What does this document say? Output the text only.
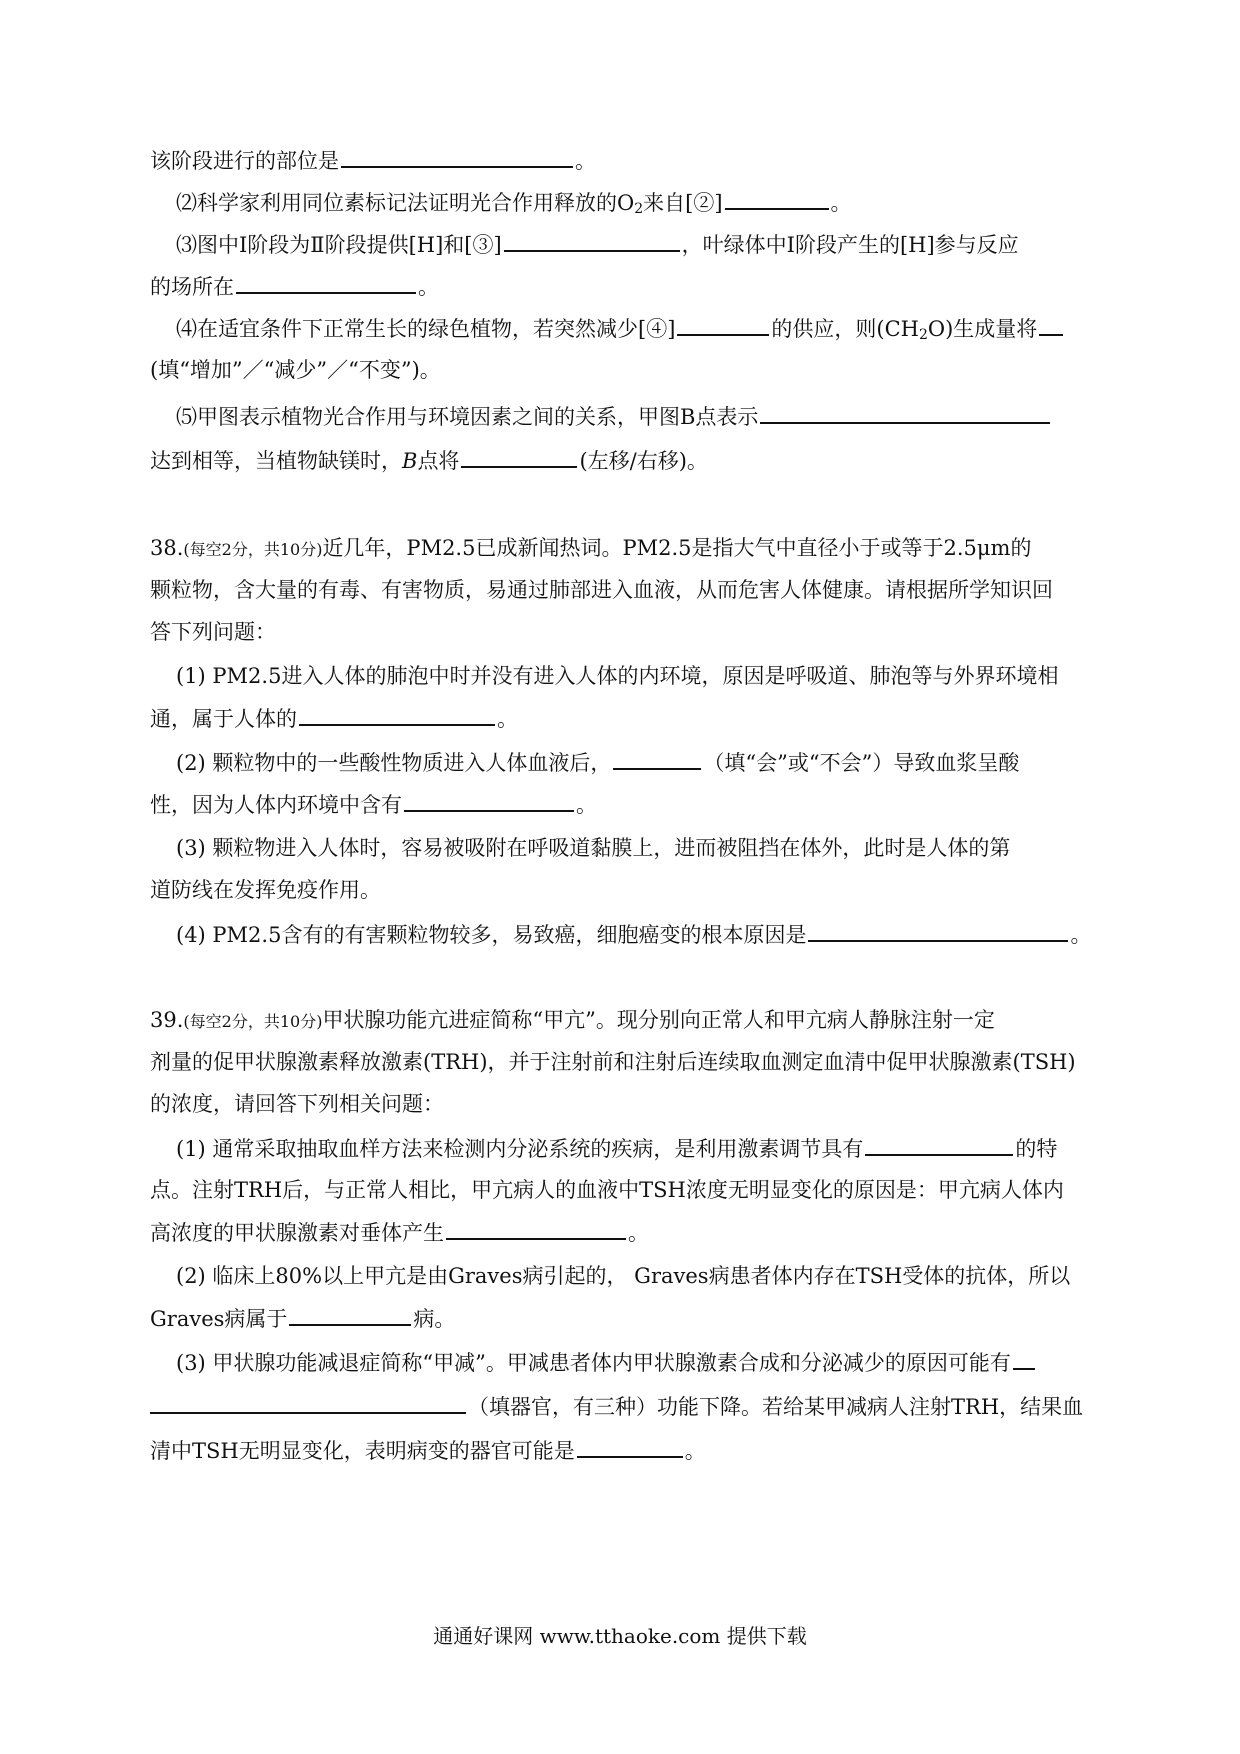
该阶段进行的部位是	。
⑵科学家利用同位素标记法证明光合作用释放的$O_2$来自[②]	。
⑶图中Ⅰ阶段为Ⅱ阶段提供[H]和[③]	，叶绿体中Ⅰ阶段产生的[H]参与反应
的场所在	。
⑷在适宜条件下正常生长的绿色植物，若突然减少[④]	的供应，则$(CH_2O)$生成量将
(填“增加”／“减少”／“不变”)。
⑸甲图表示植物光合作用与环境因素之间的关系，甲图B点表示
达到相等，当植物缺镁时，B点将	(左移/右移)。
38.(每空2分，共10分)近几年，PM2.5已成新闻热词。PM2.5是指大气中直径小于或等于2.5μm的
颗粒物，含大量的有毒、有害物质，易通过肺部进入血液，从而危害人体健康。请根据所学知识回
答下列问题：
(1) PM2.5进入人体的肺泡中时并没有进入人体的内环境，原因是呼吸道、肺泡等与外界环境相
通，属于人体的	。
(2) 颗粒物中的一些酸性物质进入人体血液后，	（填“会”或“不会”）导致血浆呈酸
性，因为人体内环境中含有	。
(3) 颗粒物进入人体时，容易被吸附在呼吸道黏膜上，进而被阻挡在体外，此时是人体的第
道防线在发挥免疫作用。
(4) PM2.5含有的有害颗粒物较多，易致癌，细胞癌变的根本原因是	。
39.(每空2分，共10分)甲状腺功能亢进症简称“甲亢”。现分别向正常人和甲亢病人静脉注射一定
剂量的促甲状腺激素释放激素(TRH)，并于注射前和注射后连续取血测定血清中促甲状腺激素(TSH)
的浓度，请回答下列相关问题：
(1) 通常采取抽取血样方法来检测内分泌系统的疾病，是利用激素调节具有	的特
点。注射TRH后，与正常人相比，甲亢病人的血液中TSH浓度无明显变化的原因是：甲亢病人体内
高浓度的甲状腺激素对垂体产生	。
(2) 临床上80%以上甲亢是由Graves病引起的， Graves病患者体内存在TSH受体的抗体，所以
Graves病属于	病。
(3) 甲状腺功能减退症简称“甲减”。甲减患者体内甲状腺激素合成和分泌减少的原因可能有
（填器官，有三种）功能下降。若给某甲减病人注射TRH，结果血
清中TSH无明显变化，表明病变的器官可能是	。
通通好课网 www.tthaoke.com 提供下载
